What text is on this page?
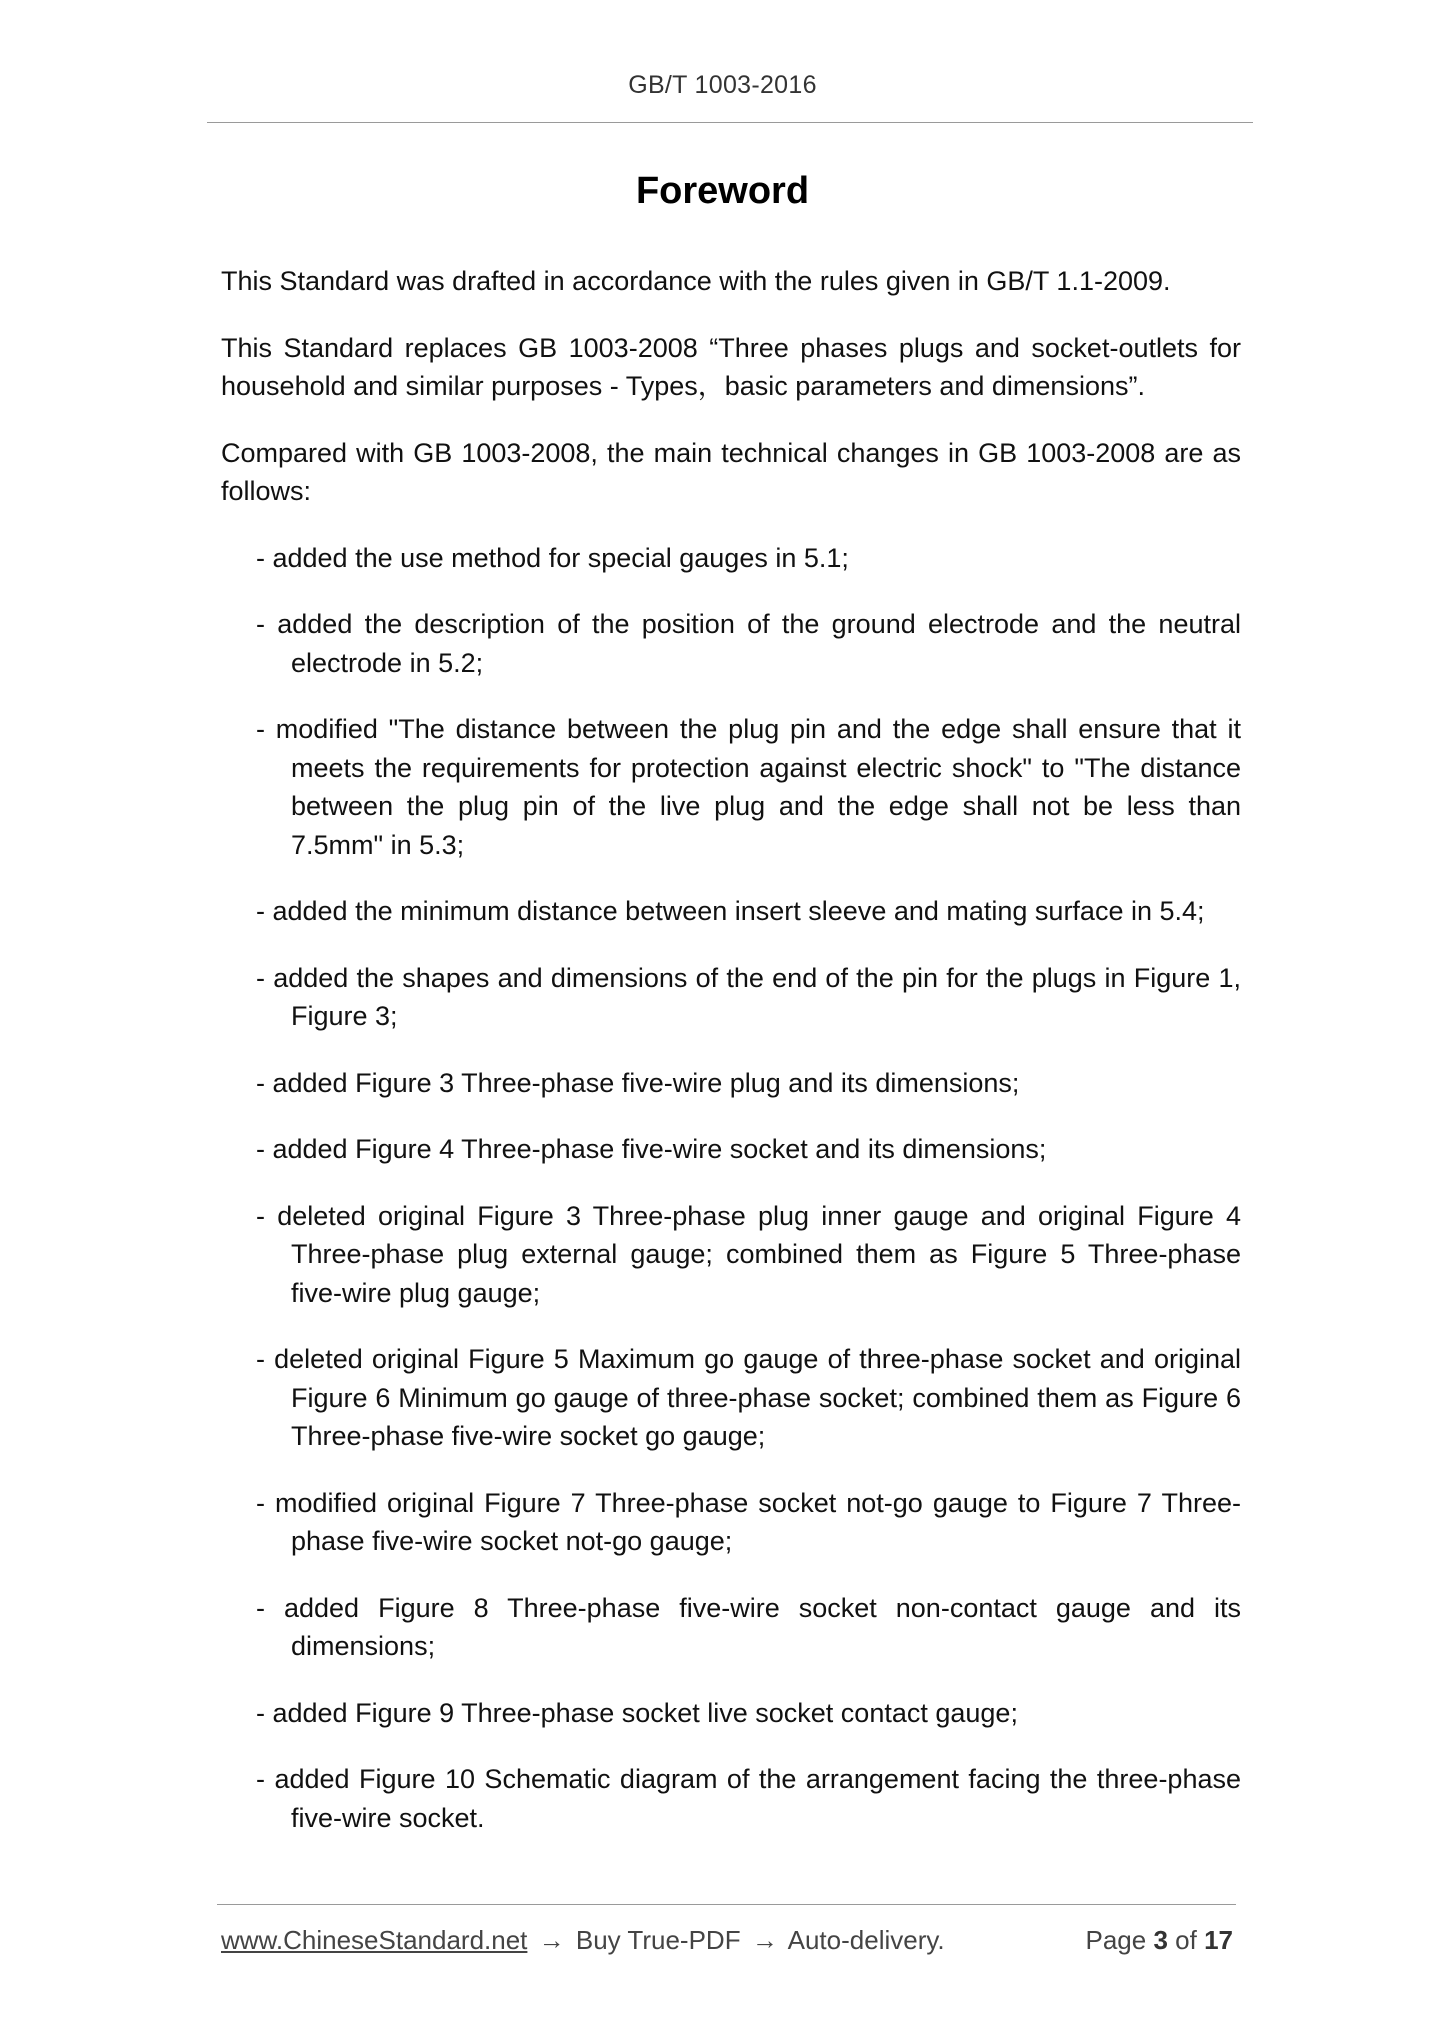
GB/T 1003-2016
Foreword

This Standard was drafted in accordance with the rules given in GB/T 1.1-2009.

This Standard replaces GB 1003-2008 “Three phases plugs and socket-outlets for household and similar purposes - Types，basic parameters and dimensions”.

Compared with GB 1003-2008, the main technical changes in GB 1003-2008 are as follows:

- added the use method for special gauges in 5.1;
- added the description of the position of the ground electrode and the neutral electrode in 5.2;
- modified "The distance between the plug pin and the edge shall ensure that it meets the requirements for protection against electric shock" to "The distance between the plug pin of the live plug and the edge shall not be less than 7.5mm" in 5.3;
- added the minimum distance between insert sleeve and mating surface in 5.4;
- added the shapes and dimensions of the end of the pin for the plugs in Figure 1, Figure 3;
- added Figure 3 Three-phase five-wire plug and its dimensions;
- added Figure 4 Three-phase five-wire socket and its dimensions;
- deleted original Figure 3 Three-phase plug inner gauge and original Figure 4 Three-phase plug external gauge; combined them as Figure 5 Three-phase five-wire plug gauge;
- deleted original Figure 5 Maximum go gauge of three-phase socket and original Figure 6 Minimum go gauge of three-phase socket; combined them as Figure 6 Three-phase five-wire socket go gauge;
- modified original Figure 7 Three-phase socket not-go gauge to Figure 7 Three-phase five-wire socket not-go gauge;
- added Figure 8 Three-phase five-wire socket non-contact gauge and its dimensions;
- added Figure 9 Three-phase socket live socket contact gauge;
- added Figure 10 Schematic diagram of the arrangement facing the three-phase five-wire socket.
www.ChineseStandard.net → Buy True-PDF → Auto-delivery.	Page 3 of 17
